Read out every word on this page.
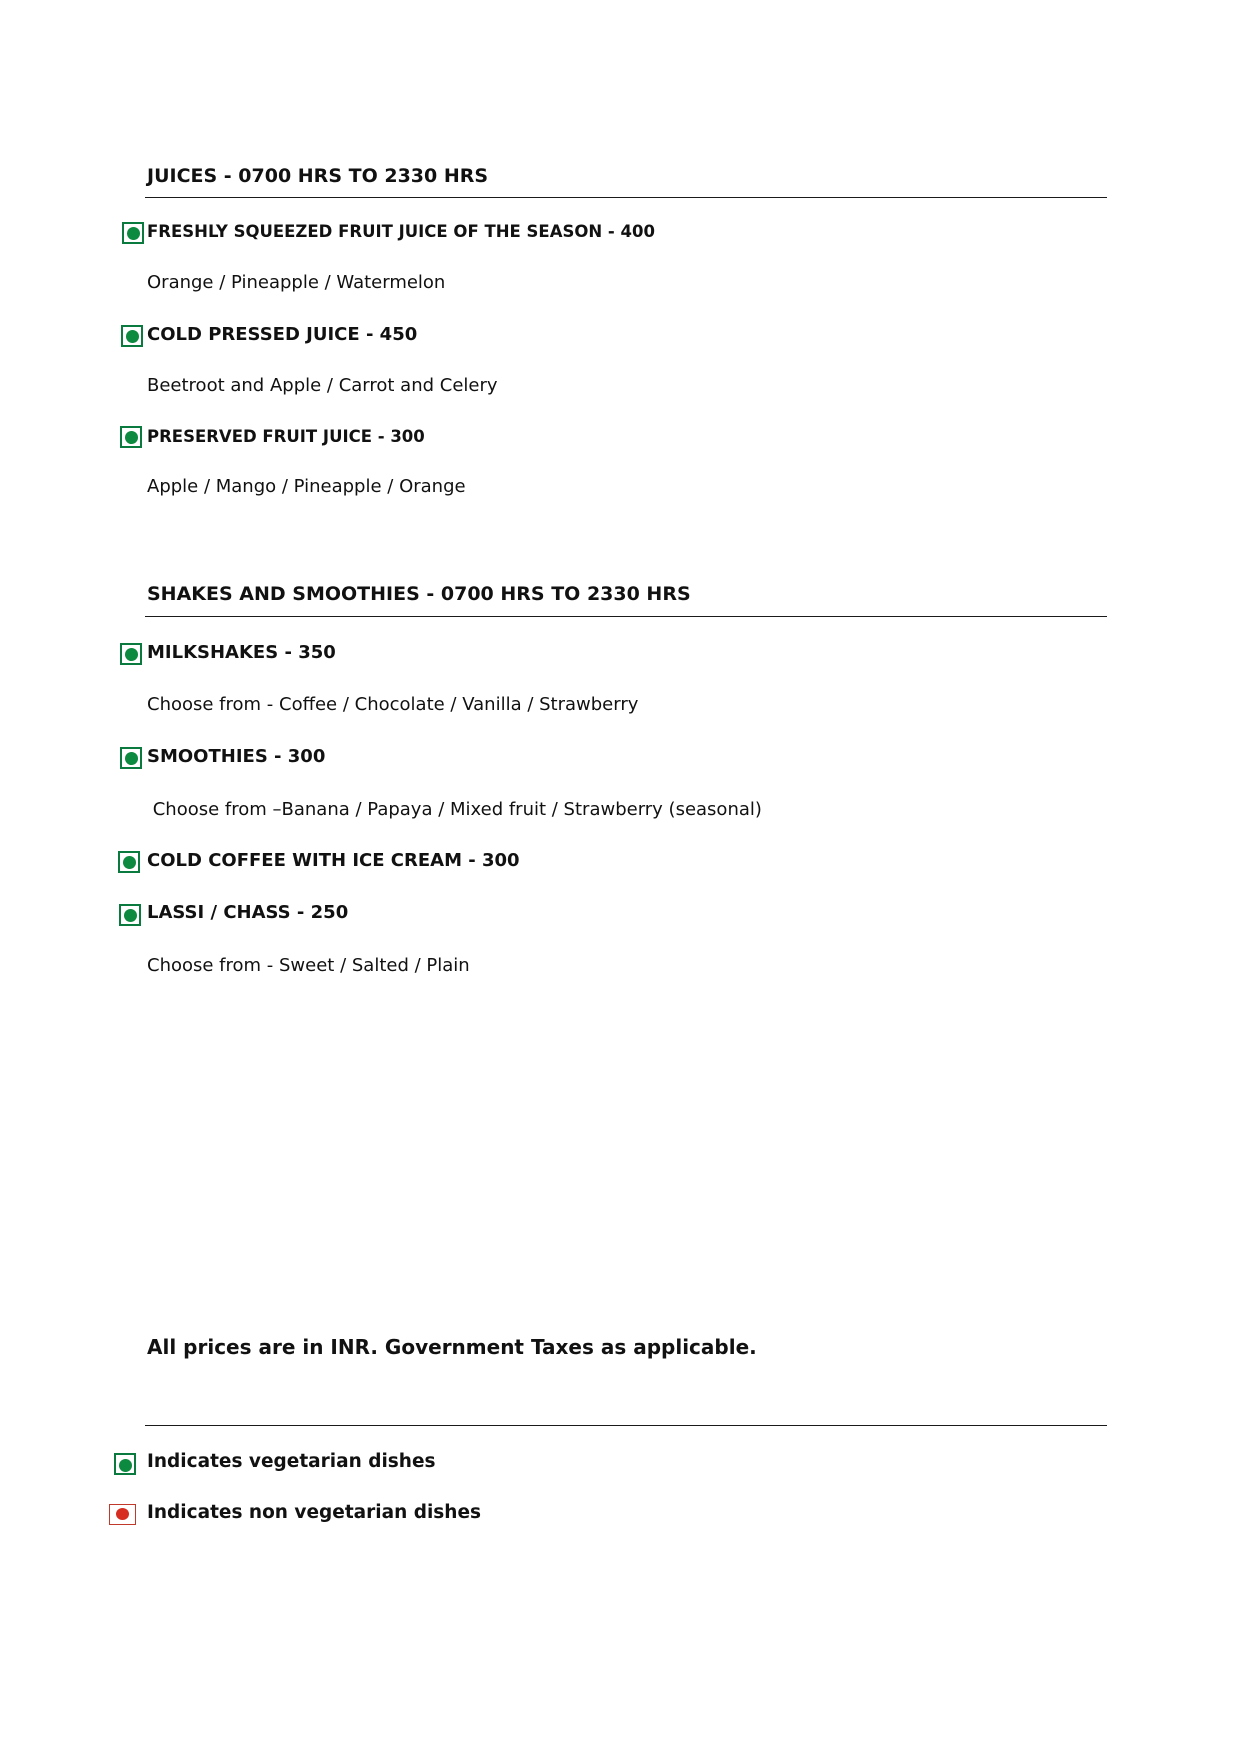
JUICES - 0700 HRS TO 2330 HRS
FRESHLY SQUEEZED FRUIT JUICE OF THE SEASON - 400
Orange / Pineapple / Watermelon
COLD PRESSED JUICE - 450
Beetroot and Apple / Carrot and Celery
PRESERVED FRUIT JUICE - 300
Apple / Mango / Pineapple / Orange
SHAKES AND SMOOTHIES - 0700 HRS TO 2330 HRS
MILKSHAKES - 350
Choose from - Coffee / Chocolate / Vanilla / Strawberry
SMOOTHIES - 300
Choose from –Banana / Papaya / Mixed fruit / Strawberry (seasonal)
COLD COFFEE WITH ICE CREAM - 300
LASSI / CHASS - 250
Choose from - Sweet / Salted / Plain
All prices are in INR. Government Taxes as applicable.
Indicates vegetarian dishes
Indicates non vegetarian dishes
